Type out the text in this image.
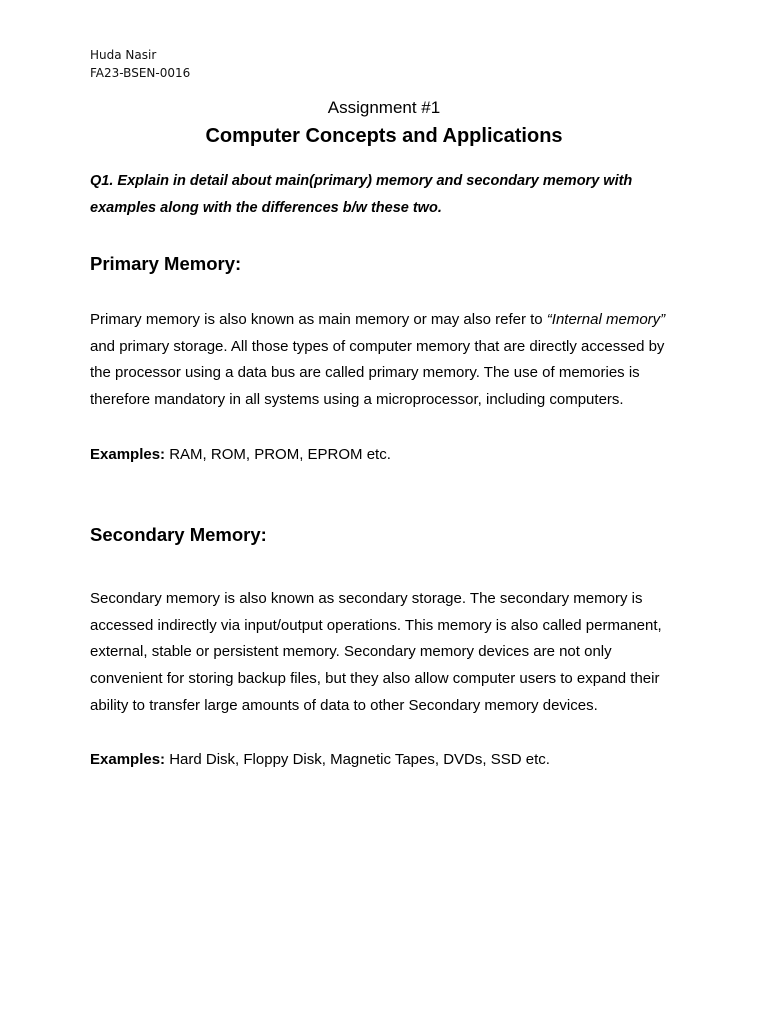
Huda Nasir
FA23-BSEN-0016
Assignment #1
Computer Concepts and Applications
Q1. Explain in detail about main(primary) memory and secondary memory with
examples along with the differences b/w these two.
Primary Memory:
Primary memory is also known as main memory or may also refer to “Internal memory”
and primary storage. All those types of computer memory that are directly accessed by
the processor using a data bus are called primary memory. The use of memories is
therefore mandatory in all systems using a microprocessor, including computers.
Examples: RAM, ROM, PROM, EPROM etc.
Secondary Memory:
Secondary memory is also known as secondary storage. The secondary memory is
accessed indirectly via input/output operations. This memory is also called permanent,
external, stable or persistent memory. Secondary memory devices are not only
convenient for storing backup files, but they also allow computer users to expand their
ability to transfer large amounts of data to other Secondary memory devices.
Examples: Hard Disk, Floppy Disk, Magnetic Tapes, DVDs, SSD etc.
